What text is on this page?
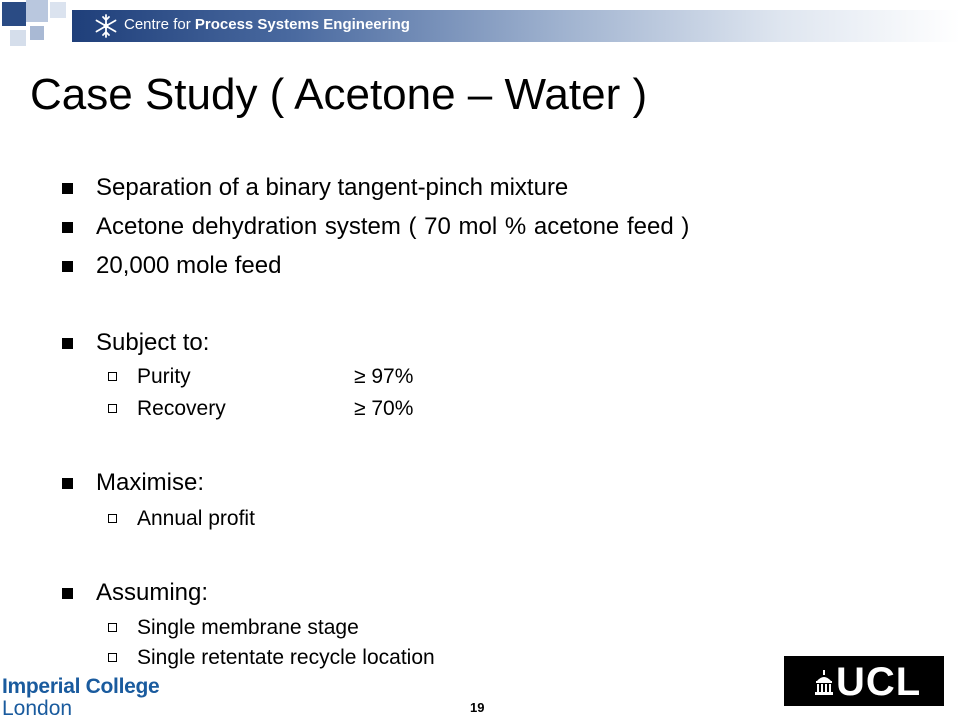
Centre for Process Systems Engineering
Case Study ( Acetone – Water )
Separation of a binary tangent-pinch mixture
Acetone dehydration system ( 70 mol % acetone feed )
20,000 mole feed
Subject to:
Purity	≥ 97%
Recovery	≥ 70%
Maximise:
Annual profit
Assuming:
Single membrane stage
Single retentate recycle location
Imperial College
London	19
UCL
